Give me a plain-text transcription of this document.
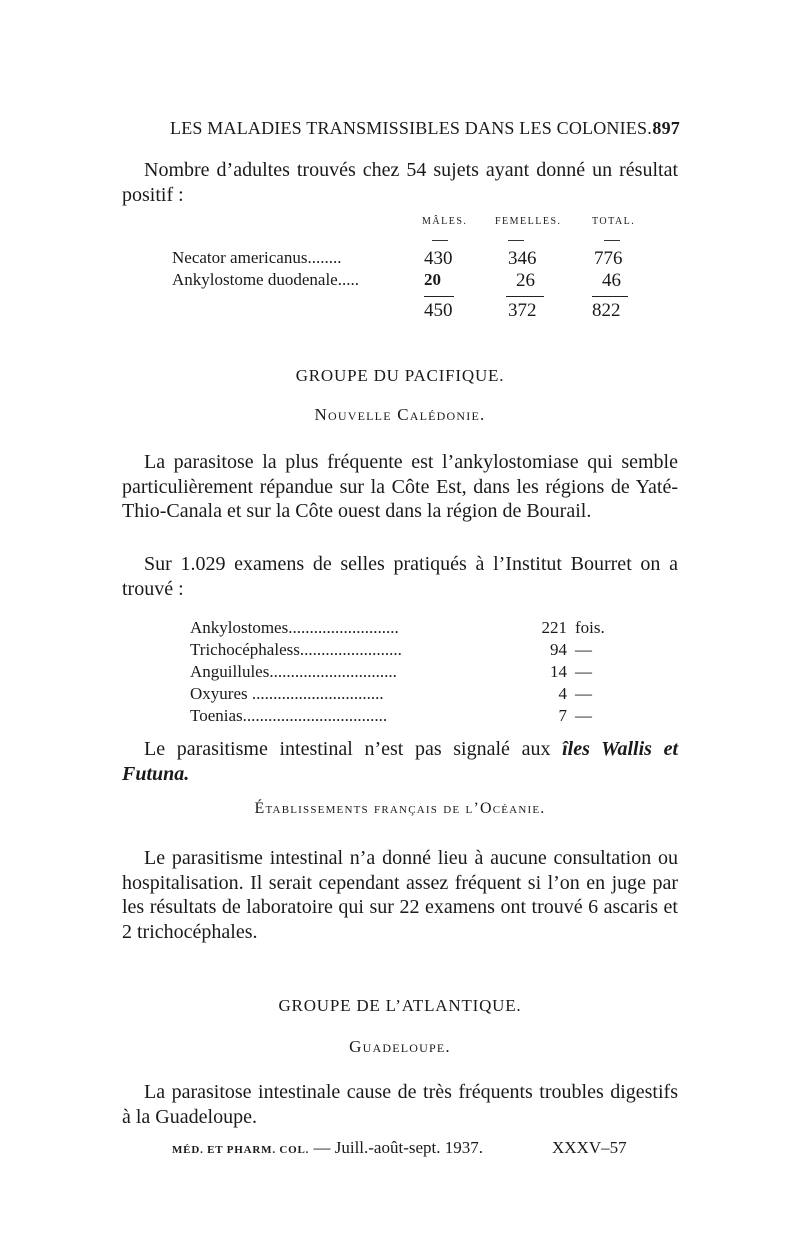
LES MALADIES TRANSMISSIBLES DANS LES COLONIES. 897
Nombre d’adultes trouvés chez 54 sujets ayant donné un résultat positif :
MÂLES.	FEMELLES.	TOTAL.
Necator americanus........	430	346	776
Ankylostome duodenale.....	20	26	46
450	372	822
GROUPE DU PACIFIQUE.
Nouvelle Calédonie.
La parasitose la plus fréquente est l’ankylostomiase qui semble particulièrement répandue sur la Côte Est, dans les régions de Yaté-Thio-Canala et sur la Côte ouest dans la région de Bourail.
Sur 1.029 examens de selles pratiqués à l’Institut Bourret on a trouvé :
Ankylostomes..........................	221 fois.
Trichocéphaless........................	94 —
Anguillules..............................	14 —
Oxyures ...............................	4 —
Toenias..................................	7 —
Le parasitisme intestinal n’est pas signalé aux îles Wallis et Futuna.
Établissements français de l’Océanie.
Le parasitisme intestinal n’a donné lieu à aucune consultation ou hospitalisation. Il serait cependant assez fréquent si l’on en juge par les résultats de laboratoire qui sur 22 examens ont trouvé 6 ascaris et 2 trichocéphales.
GROUPE DE L’ATLANTIQUE.
Guadeloupe.
La parasitose intestinale cause de très fréquents troubles digestifs à la Guadeloupe.
MÉD. ET PHARM. COL. — Juill.-août-sept. 1937.	XXXV–57
